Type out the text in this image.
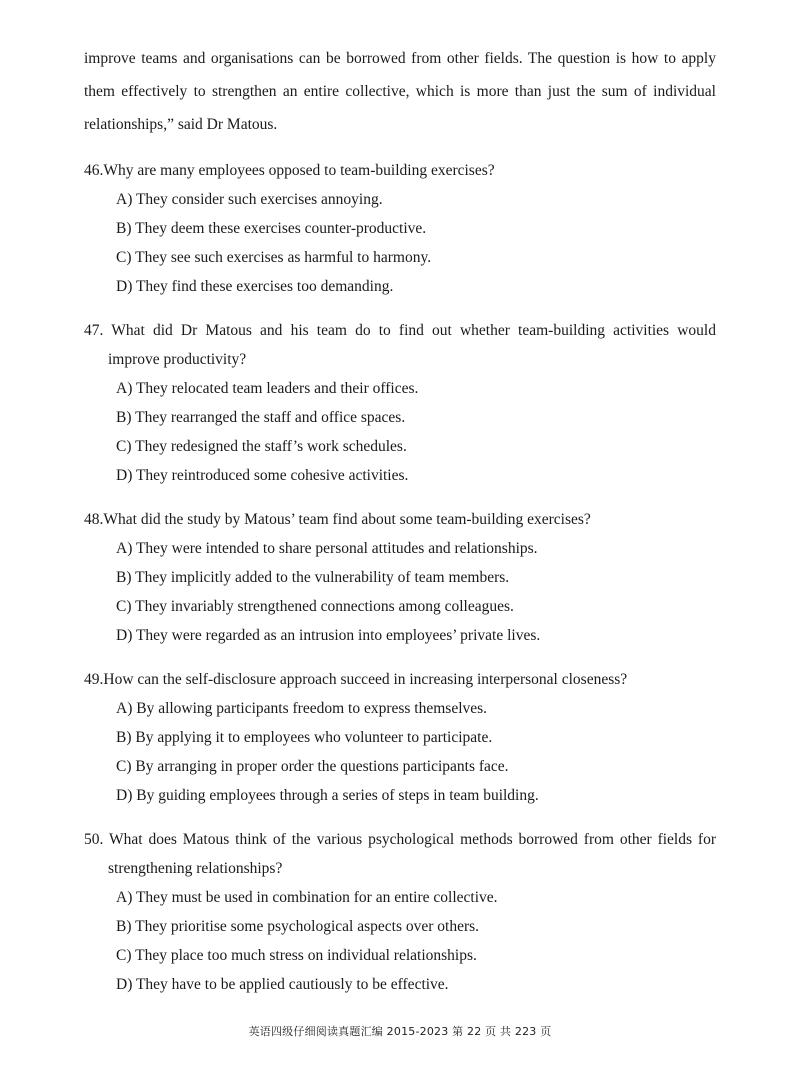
improve teams and organisations can be borrowed from other fields. The question is how to apply

them effectively to strengthen an entire collective, which is more than just the sum of individual

relationships,” said Dr Matous.

46. Why are many employees opposed to team-building exercises?
A) They consider such exercises annoying.
B) They deem these exercises counter-productive.
C) They see such exercises as harmful to harmony.
D) They find these exercises too demanding.
47. What did Dr Matous and his team do to find out whether team-building activities would
improve productivity?
A) They relocated team leaders and their offices.
B) They rearranged the staff and office spaces.
C) They redesigned the staff’s work schedules.
D) They reintroduced some cohesive activities.
48. What did the study by Matous’ team find about some team-building exercises?
A) They were intended to share personal attitudes and relationships.
B) They implicitly added to the vulnerability of team members.
C) They invariably strengthened connections among colleagues.
D) They were regarded as an intrusion into employees’ private lives.
49. How can the self-disclosure approach succeed in increasing interpersonal closeness?
A) By allowing participants freedom to express themselves.
B) By applying it to employees who volunteer to participate.
C) By arranging in proper order the questions participants face.
D) By guiding employees through a series of steps in team building.
50. What does Matous think of the various psychological methods borrowed from other fields for
strengthening relationships?
A) They must be used in combination for an entire collective.
B) They prioritise some psychological aspects over others.
C) They place too much stress on individual relationships.
D) They have to be applied cautiously to be effective.
英语四级仔细阅读真题汇编 2015-2023 第 22 页 共 223 页
